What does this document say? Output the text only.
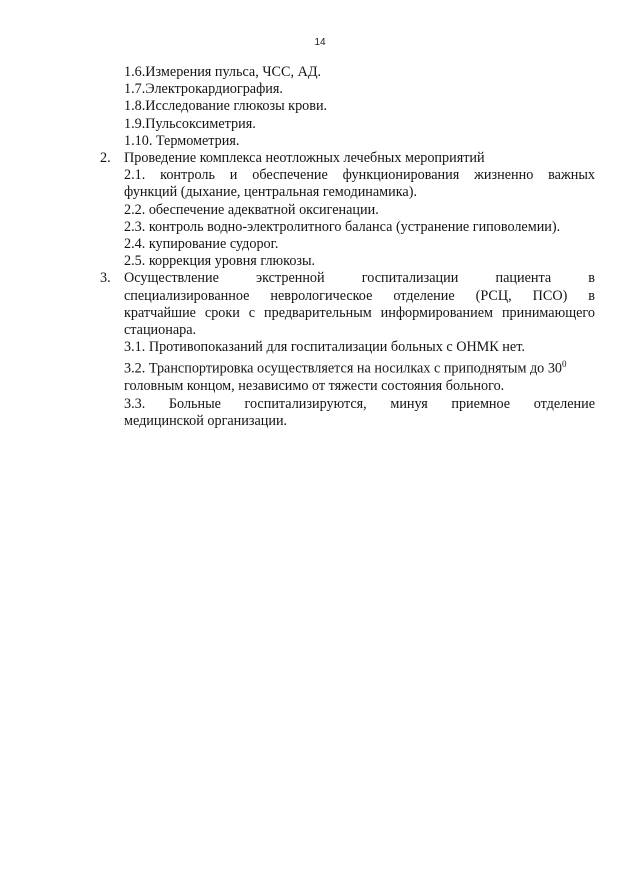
14
1.6.Измерения пульса, ЧСС, АД.
1.7.Электрокардиография.
1.8.Исследование глюкозы крови.
1.9.Пульсоксиметрия.
1.10. Термометрия.
2. Проведение комплекса неотложных лечебных мероприятий
2.1. контроль и обеспечение функционирования жизненно важных
функций (дыхание, центральная гемодинамика).
2.2. обеспечение адекватной оксигенации.
2.3. контроль водно-электролитного баланса (устранение гиповолемии).
2.4. купирование судорог.
2.5. коррекция уровня глюкозы.
3. Осуществление экстренной госпитализации пациента в
специализированное неврологическое отделение (РСЦ, ПСО) в
кратчайшие сроки с предварительным информированием принимающего
стационара.
3.1. Противопоказаний для госпитализации больных с ОНМК нет.
3.2. Транспортировка осуществляется на носилках с приподнятым до $30^0$
головным концом, независимо от тяжести состояния больного.
3.3. Больные госпитализируются, минуя приемное отделение
медицинской организации.
